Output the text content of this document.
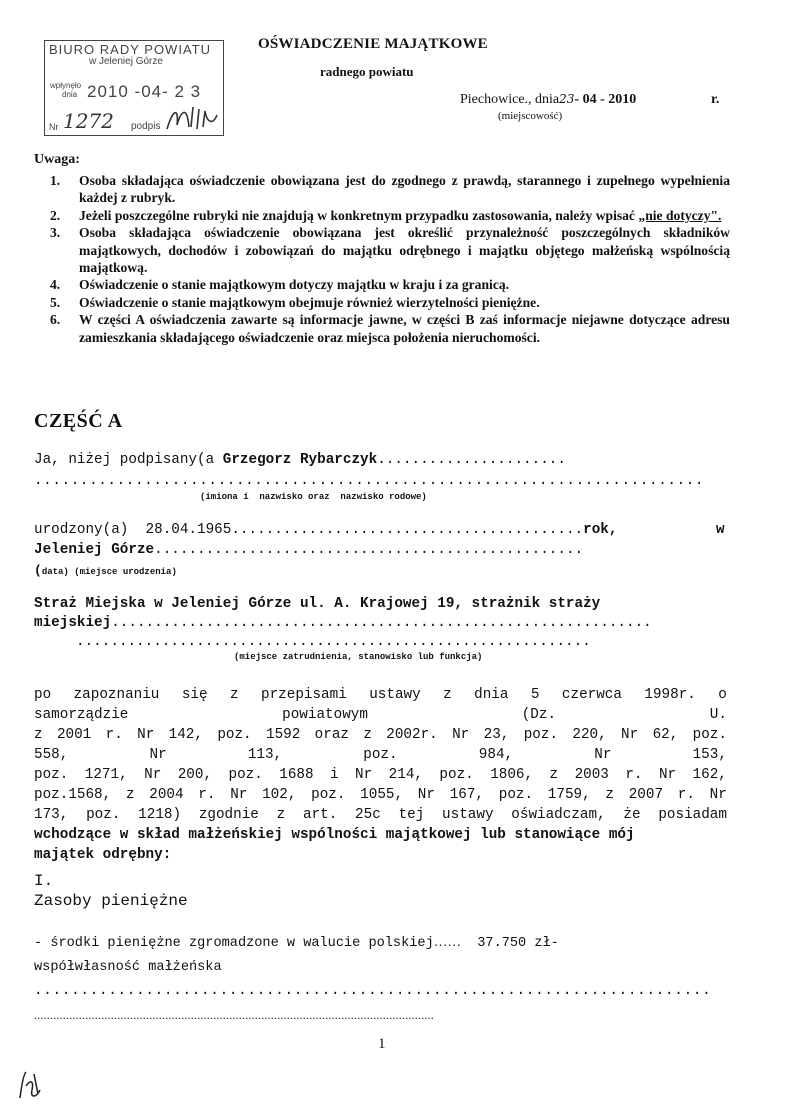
BIURO RADY POWIATU
w Jeleniej Górze
wpłynęło
dnia 2010 -04- 2 3
Nr 1272 podpis
OŚWIADCZENIE MAJĄTKOWE
radnego powiatu
Piechowice., dnia23- 04 - 2010	r.
(miejscowość)
Uwaga:
1.	Osoba składająca oświadczenie obowiązana jest do zgodnego z prawdą, starannego i zupełnego wypełnienia każdej z rubryk.
2.	Jeżeli poszczególne rubryki nie znajdują w konkretnym przypadku zastosowania, należy wpisać „nie dotyczy".
3.	Osoba składająca oświadczenie obowiązana jest określić przynależność poszczególnych składników majątkowych, dochodów i zobowiązań do majątku odrębnego i majątku objętego małżeńską wspólnością majątkową.
4.	Oświadczenie o stanie majątkowym dotyczy majątku w kraju i za granicą.
5.	Oświadczenie o stanie majątkowym obejmuje również wierzytelności pieniężne.
6.	W części A oświadczenia zawarte są informacje jawne, w części B zaś informacje niejawne dotyczące adresu zamieszkania składającego oświadczenie oraz miejsca położenia nieruchomości.
CZĘŚĆ A
Ja, niżej podpisany(a Grzegorz Rybarczyk......................
.........................................................................
(imiona i  nazwisko oraz  nazwisko rodowe)
urodzony(a)  28.04.1965.........................................rok,	w
Jeleniej Górze..................................................
(data) (miejsce urodzenia)
Straż Miejska w Jeleniej Górze ul. A. Krajowej 19, strażnik straży
miejskiej...............................................................
............................................................
(miejsce zatrudnienia, stanowisko lub funkcja)
po zapoznaniu się z przepisami ustawy z dnia 5 czerwca 1998r. o
samorządzie	powiatowym	(Dz.	U.
z 2001 r. Nr 142, poz. 1592 oraz z 2002r. Nr 23, poz. 220, Nr 62, poz.
558,	Nr	113,	poz.	984,	Nr	153,
poz. 1271, Nr 200, poz. 1688 i Nr 214, poz. 1806, z 2003 r. Nr 162,
poz.1568, z 2004 r. Nr 102, poz. 1055, Nr 167, poz. 1759, z 2007 r. Nr
173, poz. 1218) zgodnie z art. 25c tej ustawy oświadczam, że posiadam
wchodzące w skład małżeńskiej wspólności majątkowej lub stanowiące mój
majątek odrębny:
I.
Zasoby pieniężne
- środki pieniężne zgromadzone w walucie polskiej…… 37.750 zł-
współwłasność małżeńska
.........................................................................
.............................................................................................................................
1
